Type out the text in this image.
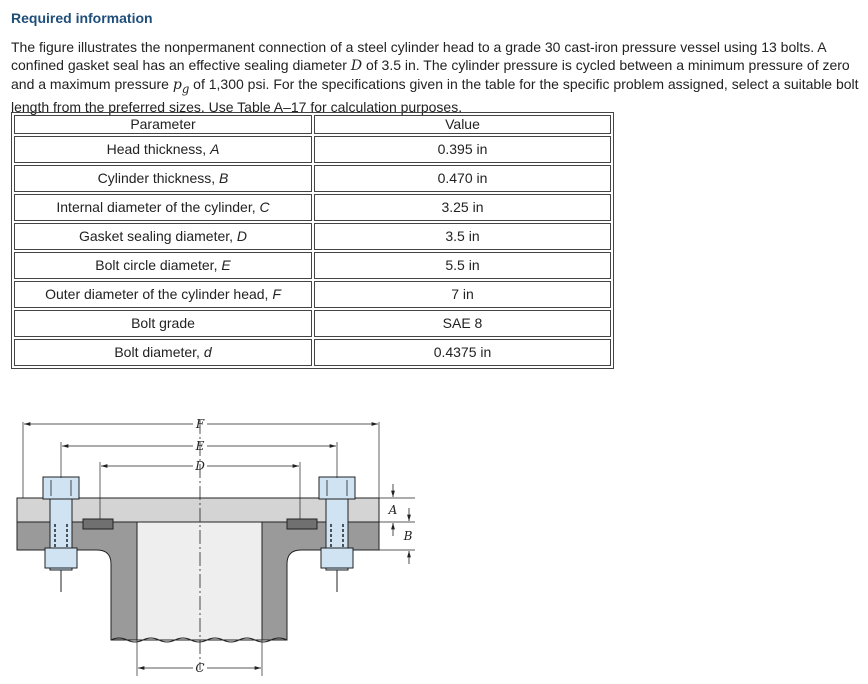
Required information
The figure illustrates the nonpermanent connection of a steel cylinder head to a grade 30 cast-iron pressure vessel using 13 bolts. A confined gasket seal has an effective sealing diameter D of 3.5 in. The cylinder pressure is cycled between a minimum pressure of zero and a maximum pressure $p_g$ of 1,300 psi. For the specifications given in the table for the specific problem assigned, select a suitable bolt length from the preferred sizes. Use Table A–17 for calculation purposes.
Parameter	Value
Head thickness, A	0.395 in
Cylinder thickness, B	0.470 in
Internal diameter of the cylinder, C	3.25 in
Gasket sealing diameter, D	3.5 in
Bolt circle diameter, E	5.5 in
Outer diameter of the cylinder head, F	7 in
Bolt grade	SAE 8
Bolt diameter, d	0.4375 in
F
E
D
C
A
B
